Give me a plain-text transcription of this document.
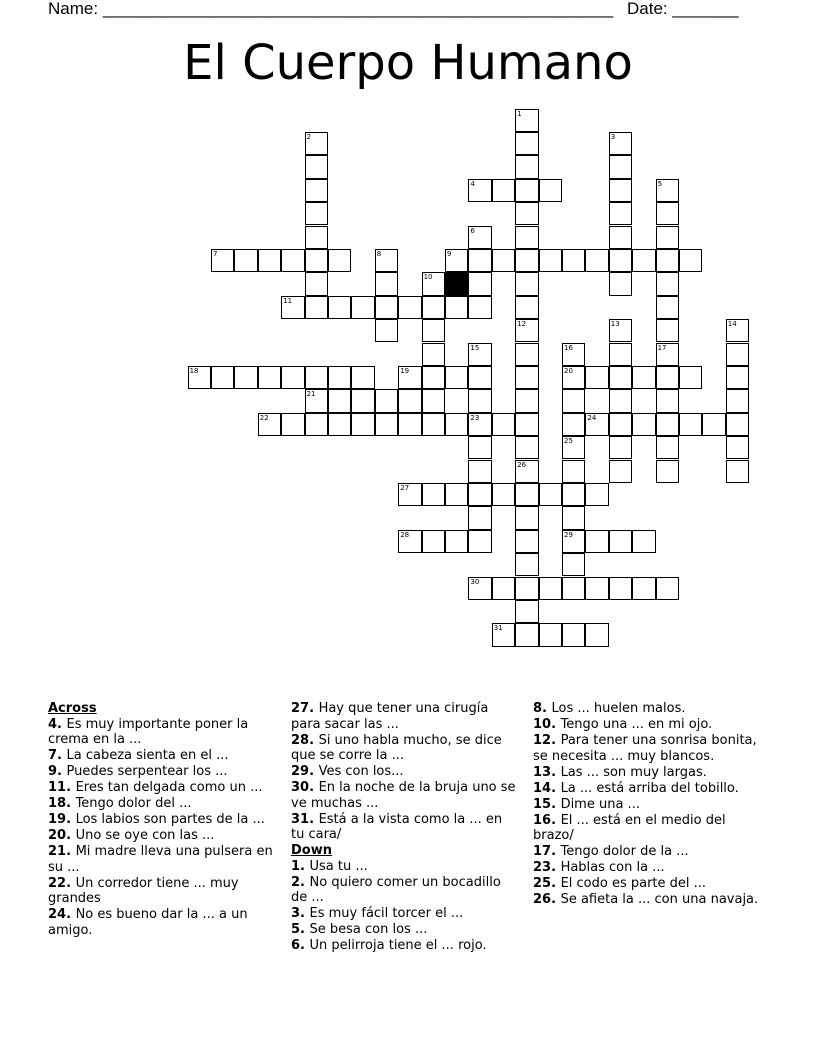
Name: ______________________________________________________ Date: _______
El Cuerpo Humano
1
2	3
4	5
6
7	8	9
10
11
12
26
13	14
15
23
16
20
17
18	19
21
22	24
25
29
27
28
30
31
Across
4. Es muy importante poner la crema en la ...
7. La cabeza sienta en el ...
9. Puedes serpentear los ...
11. Eres tan delgada como un ...
18. Tengo dolor del ...
19. Los labios son partes de la ...
20. Uno se oye con las ...
21. Mi madre lleva una pulsera en su ...
22. Un corredor tiene ... muy grandes
24. No es bueno dar la ... a un amigo.
27. Hay que tener una cirugía para sacar las ...
28. Si uno habla mucho, se dice que se corre la ...
29. Ves con los...
30. En la noche de la bruja uno se ve muchas ...
31. Está a la vista como la ... en tu cara/
Down
1. Usa tu ...
2. No quiero comer un bocadillo de ...
3. Es muy fácil torcer el ...
5. Se besa con los ...
6. Un pelirroja tiene el ... rojo.
8. Los ... huelen malos.
10. Tengo una ... en mi ojo.
12. Para tener una sonrisa bonita, se necesita ... muy blancos.
13. Las ... son muy largas.
14. La ... está arriba del tobillo.
15. Dime una ...
16. El ... está en el medio del brazo/
17. Tengo dolor de la ...
23. Hablas con la ...
25. El codo es parte del ...
26. Se afieta la ... con una navaja.
